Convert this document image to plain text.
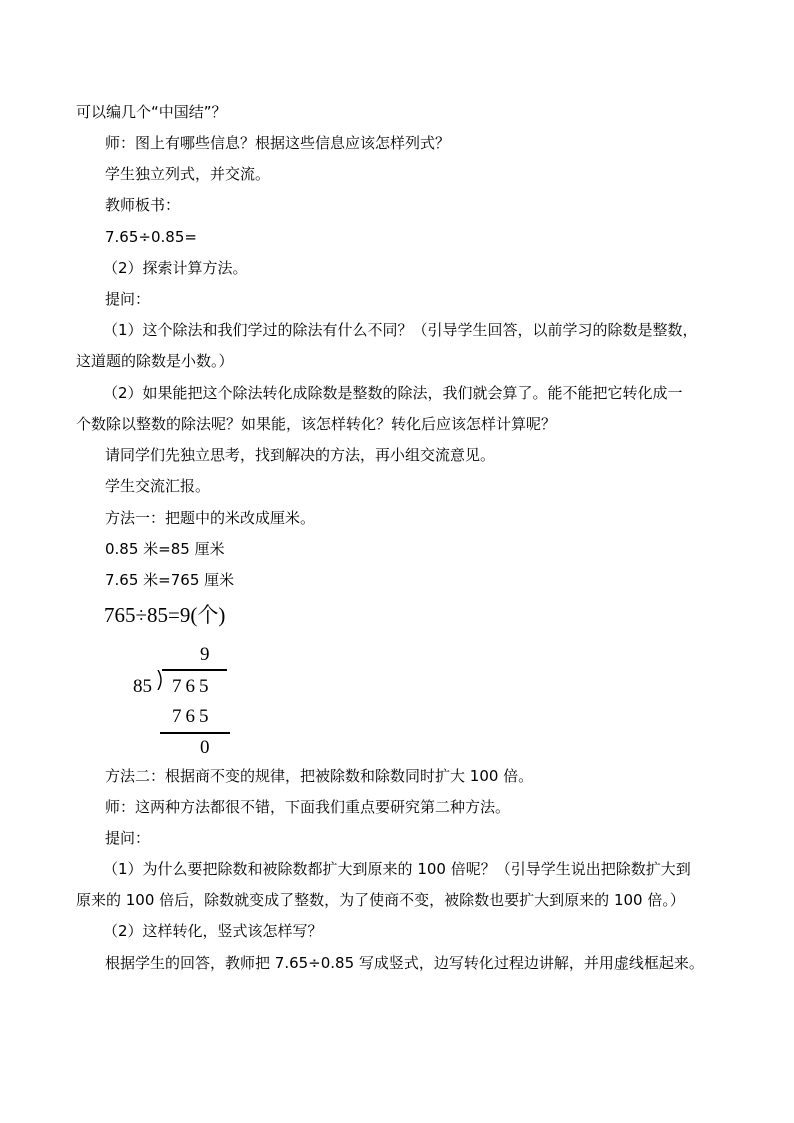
可以编几个“中国结”？
师：图上有哪些信息？根据这些信息应该怎样列式？
学生独立列式，并交流。
教师板书：
7.65÷0.85=
（2）探索计算方法。
提问：
（1）这个除法和我们学过的除法有什么不同？（引导学生回答，以前学习的除数是整数，
这道题的除数是小数。）
（2）如果能把这个除法转化成除数是整数的除法，我们就会算了。能不能把它转化成一
个数除以整数的除法呢？如果能，该怎样转化？转化后应该怎样计算呢？
请同学们先独立思考，找到解决的方法，再小组交流意见。
学生交流汇报。
方法一：把题中的米改成厘米。
0.85 米=85 厘米
7.65 米=765 厘米
765÷85=9(个)
9
85 765
765
0
方法二：根据商不变的规律，把被除数和除数同时扩大 100 倍。
师：这两种方法都很不错，下面我们重点要研究第二种方法。
提问：
（1）为什么要把除数和被除数都扩大到原来的 100 倍呢？（引导学生说出把除数扩大到
原来的 100 倍后，除数就变成了整数，为了使商不变，被除数也要扩大到原来的 100 倍。）
（2）这样转化，竖式该怎样写？
根据学生的回答，教师把 7.65÷0.85 写成竖式，边写转化过程边讲解，并用虚线框起来。
